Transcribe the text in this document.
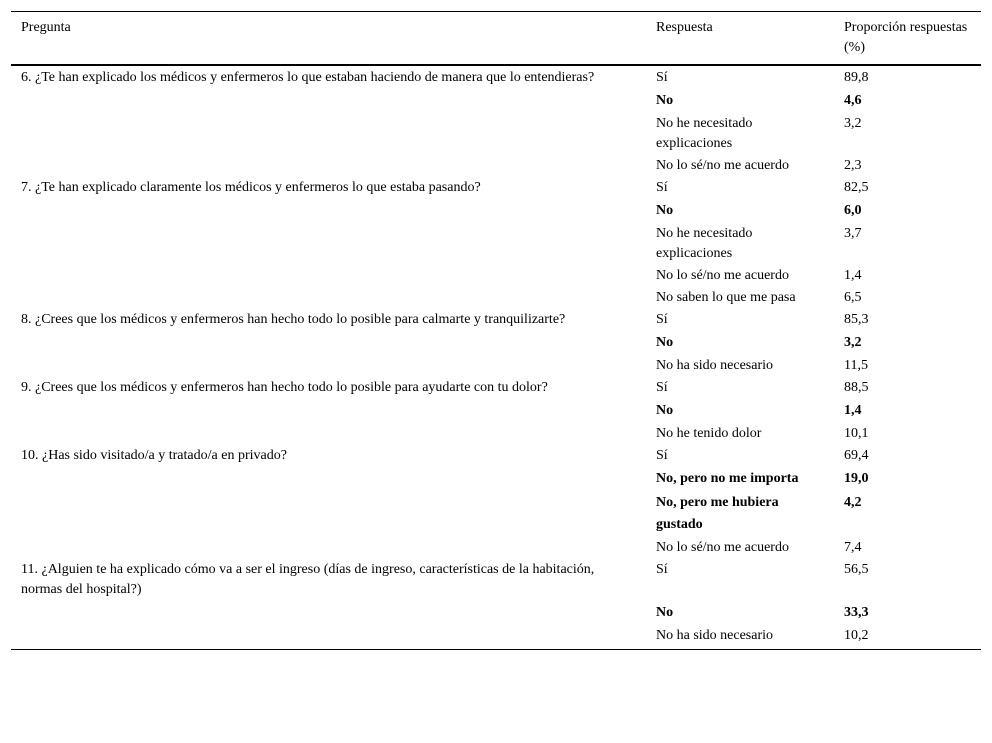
Pregunta	Respuesta	Proporción respuestas (%)
6. ¿Te han explicado los médicos y enfermeros lo que estaban haciendo de manera que lo entendieras?	Sí	89,8
	No	4,6
	No he necesitado explicaciones	3,2
	No lo sé/no me acuerdo	2,3
7. ¿Te han explicado claramente los médicos y enfermeros lo que estaba pasando?	Sí	82,5
	No	6,0
	No he necesitado explicaciones	3,7
	No lo sé/no me acuerdo	1,4
	No saben lo que me pasa	6,5
8. ¿Crees que los médicos y enfermeros han hecho todo lo posible para calmarte y tranquilizarte?	Sí	85,3
	No	3,2
	No ha sido necesario	11,5
9. ¿Crees que los médicos y enfermeros han hecho todo lo posible para ayudarte con tu dolor?	Sí	88,5
	No	1,4
	No he tenido dolor	10,1
10. ¿Has sido visitado/a y tratado/a en privado?	Sí	69,4
	No, pero no me importa	19,0
	No, pero me hubiera gustado	4,2
	No lo sé/no me acuerdo	7,4
11. ¿Alguien te ha explicado cómo va a ser el ingreso (días de ingreso, características de la habitación, normas del hospital?)	Sí	56,5
	No	33,3
	No ha sido necesario	10,2
